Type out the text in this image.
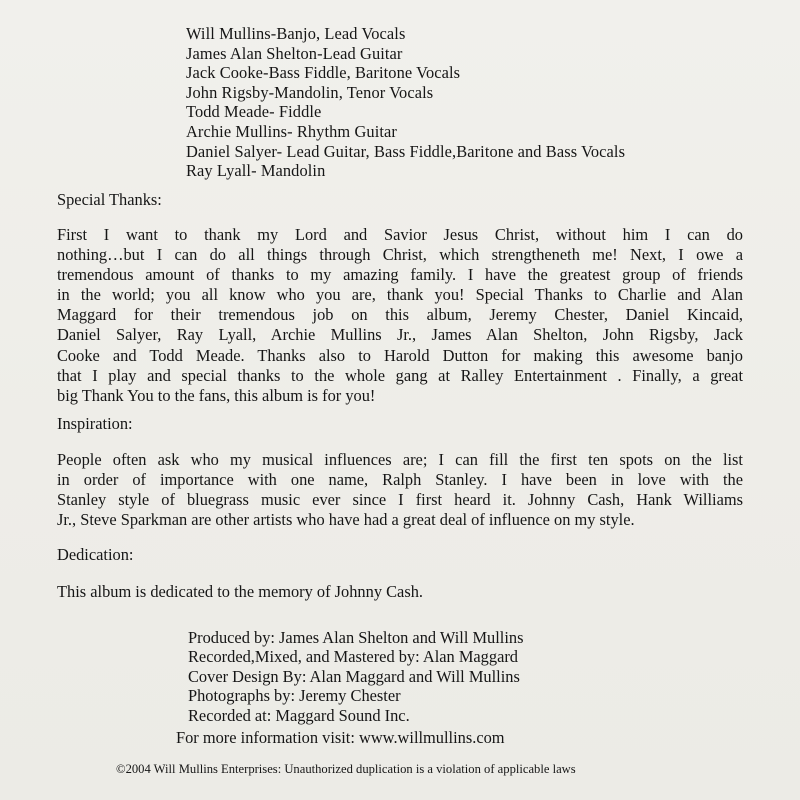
Will Mullins-Banjo, Lead Vocals
James Alan Shelton-Lead Guitar
Jack Cooke-Bass Fiddle, Baritone Vocals
John Rigsby-Mandolin, Tenor Vocals
Todd Meade- Fiddle
Archie Mullins- Rhythm Guitar
Daniel Salyer- Lead Guitar, Bass Fiddle,Baritone and Bass Vocals
Ray Lyall- Mandolin
Special Thanks:
First I want to thank my Lord and Savior Jesus Christ, without him I can do
nothing…but I can do all things through Christ, which strengtheneth me! Next, I owe a
tremendous amount of thanks to my amazing family. I have the greatest group of friends
in the world; you all know who you are, thank you! Special Thanks to Charlie and Alan
Maggard for their tremendous job on this album, Jeremy Chester, Daniel Kincaid,
Daniel Salyer, Ray Lyall, Archie Mullins Jr., James Alan Shelton, John Rigsby, Jack
Cooke and Todd Meade. Thanks also to Harold Dutton for making this awesome banjo
that I play and special thanks to the whole gang at Ralley Entertainment . Finally, a great
big Thank You to the fans, this album is for you!
Inspiration:
People often ask who my musical influences are; I can fill the first ten spots on the list
in order of importance with one name, Ralph Stanley. I have been in love with the
Stanley style of bluegrass music ever since I first heard it. Johnny Cash, Hank Williams
Jr., Steve Sparkman are other artists who have had a great deal of influence on my style.
Dedication:
This album is dedicated to the memory of Johnny Cash.
Produced by: James Alan Shelton and Will Mullins
Recorded,Mixed, and Mastered by: Alan Maggard
Cover Design By: Alan Maggard and Will Mullins
Photographs by: Jeremy Chester
Recorded at: Maggard Sound Inc.
For more information visit: www.willmullins.com
©2004 Will Mullins Enterprises: Unauthorized duplication is a violation of applicable laws
